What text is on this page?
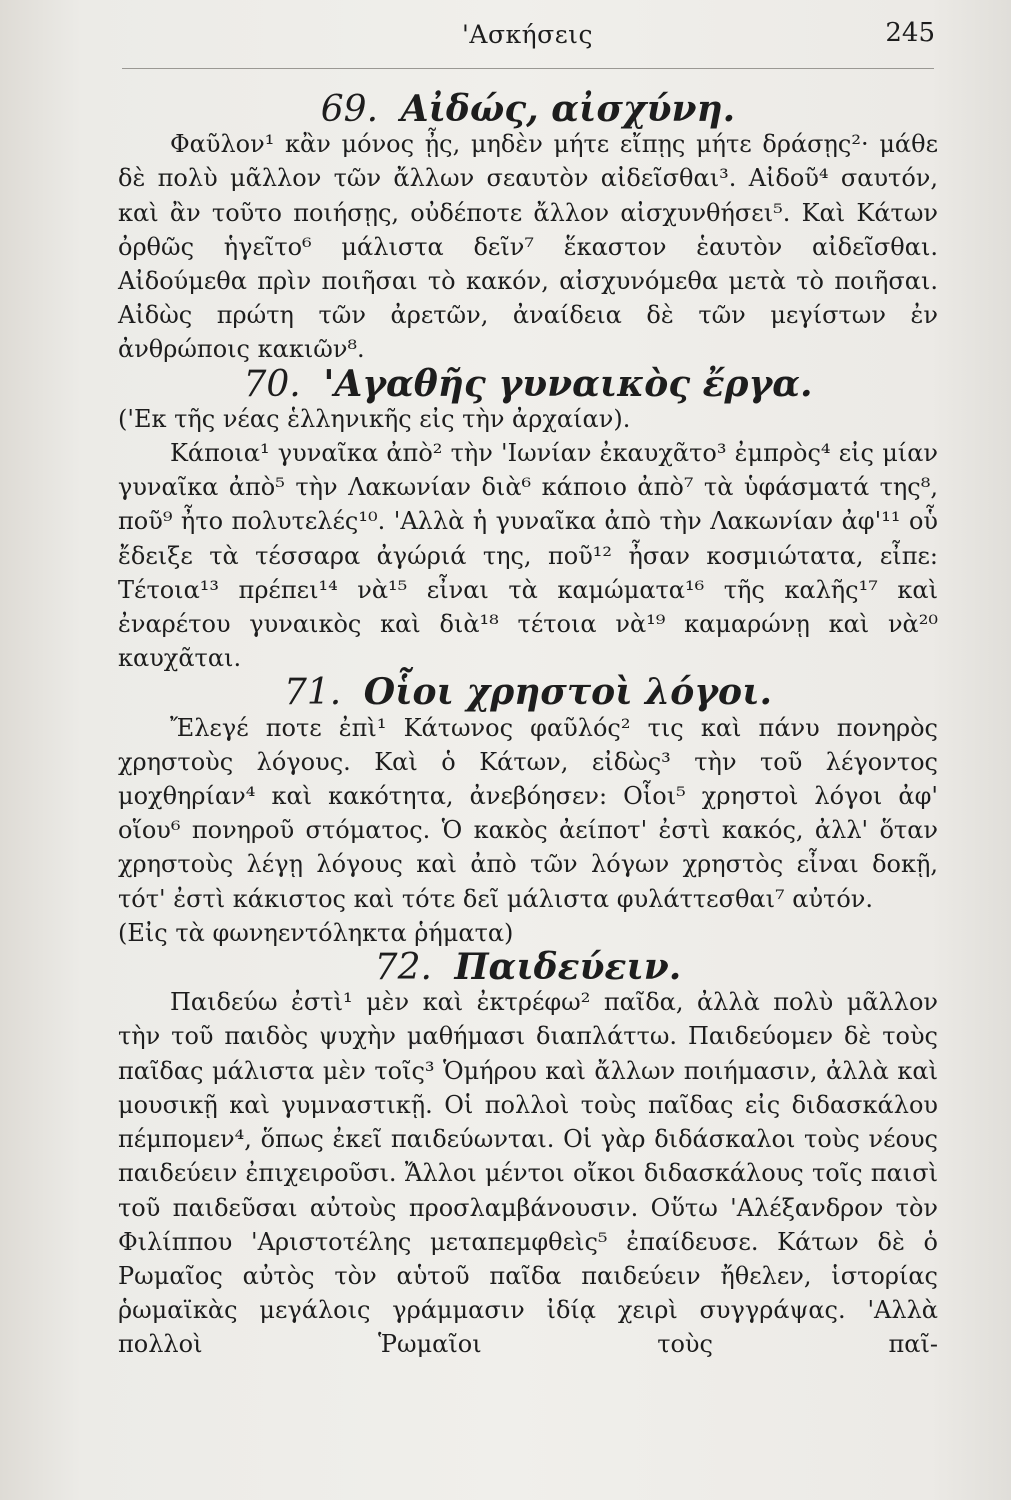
'Ασκήσεις	245
69. Αἰδώς, αἰσχύνη.

Φαῦλον¹ κἂν μόνος ᾖς, μηδὲν μήτε εἴπῃς μήτε δράσῃς²· μάθε δὲ πολὺ μᾶλλον τῶν ἄλλων σεαυτὸν αἰδεῖσθαι³. Αἰδοῦ⁴ σαυτόν, καὶ ἂν τοῦτο ποιήσῃς, οὐδέποτε ἄλλον αἰσχυνθήσει⁵. Καὶ Κάτων ὀρθῶς ἡγεῖτο⁶ μάλιστα δεῖν⁷ ἕκαστον ἑαυτὸν αἰδεῖσθαι. Αἰδούμεθα πρὶν ποιῆσαι τὸ κακόν, αἰσχυνόμεθα μετὰ τὸ ποιῆσαι. Αἰδὼς πρώτη τῶν ἀρετῶν, ἀναίδεια δὲ τῶν μεγίστων ἐν ἀνθρώποις κακιῶν⁸.

70. 'Αγαθῆς γυναικὸς ἔργα.

('Εκ τῆς νέας ἑλληνικῆς εἰς τὴν ἀρχαίαν).

Κάποια¹ γυναῖκα ἀπὸ² τὴν 'Ιωνίαν ἐκαυχᾶτο³ ἐμπρὸς⁴ εἰς μίαν γυναῖκα ἀπὸ⁵ τὴν Λακωνίαν διὰ⁶ κάποιο ἀπὸ⁷ τὰ ὑφάσματά της⁸, ποῦ⁹ ἦτο πολυτελές¹⁰. 'Αλλὰ ἡ γυναῖκα ἀπὸ τὴν Λακωνίαν ἀφ'¹¹ οὗ ἔδειξε τὰ τέσσαρα ἀγώριά της, ποῦ¹² ἦσαν κοσμιώτατα, εἶπε: Τέτοια¹³ πρέπει¹⁴ νὰ¹⁵ εἶναι τὰ καμώματα¹⁶ τῆς καλῆς¹⁷ καὶ ἐναρέτου γυναικὸς καὶ διὰ¹⁸ τέτοια νὰ¹⁹ καμαρώνῃ καὶ νὰ²⁰ καυχᾶται.

71. Οἷοι χρηστοὶ λόγοι.

Ἔλεγέ ποτε ἐπὶ¹ Κάτωνος φαῦλός² τις καὶ πάνυ πονηρὸς χρηστοὺς λόγους. Καὶ ὁ Κάτων, εἰδὼς³ τὴν τοῦ λέγοντος μοχθηρίαν⁴ καὶ κακότητα, ἀνεβόησεν: Οἷοι⁵ χρηστοὶ λόγοι ἀφ' οἵου⁶ πονηροῦ στόματος. Ὁ κακὸς ἀείποτ' ἐστὶ κακός, ἀλλ' ὅταν χρηστοὺς λέγῃ λόγους καὶ ἀπὸ τῶν λόγων χρηστὸς εἶναι δοκῇ, τότ' ἐστὶ κάκιστος καὶ τότε δεῖ μάλιστα φυλάττεσθαι⁷ αὐτόν.

(Εἰς τὰ φωνηεντόληκτα ῥήματα)

72. Παιδεύειν.

Παιδεύω ἐστὶ¹ μὲν καὶ ἐκτρέφω² παῖδα, ἀλλὰ πολὺ μᾶλλον τὴν τοῦ παιδὸς ψυχὴν μαθήμασι διαπλάττω. Παιδεύομεν δὲ τοὺς παῖδας μάλιστα μὲν τοῖς³ Ὁμήρου καὶ ἄλλων ποιήμασιν, ἀλλὰ καὶ μουσικῇ καὶ γυμναστικῇ. Οἱ πολλοὶ τοὺς παῖδας εἰς διδασκάλου πέμπομεν⁴, ὅπως ἐκεῖ παιδεύωνται. Οἱ γὰρ διδάσκαλοι τοὺς νέους παιδεύειν ἐπιχειροῦσι. Ἄλλοι μέντοι οἴκοι διδασκάλους τοῖς παισὶ τοῦ παιδεῦσαι αὐτοὺς προσλαμβάνουσιν. Οὕτω 'Αλέξανδρον τὸν Φιλίππου 'Αριστοτέλης μεταπεμφθεὶς⁵ ἐπαίδευσε. Κάτων δὲ ὁ Ρωμαῖος αὐτὸς τὸν αὑτοῦ παῖδα παιδεύειν ἤθελεν, ἱστορίας ῥωμαϊκὰς μεγάλοις γράμμασιν ἰδίᾳ χειρὶ συγγράψας. 'Αλλὰ πολλοὶ Ῥωμαῖοι τοὺς παῖ-
